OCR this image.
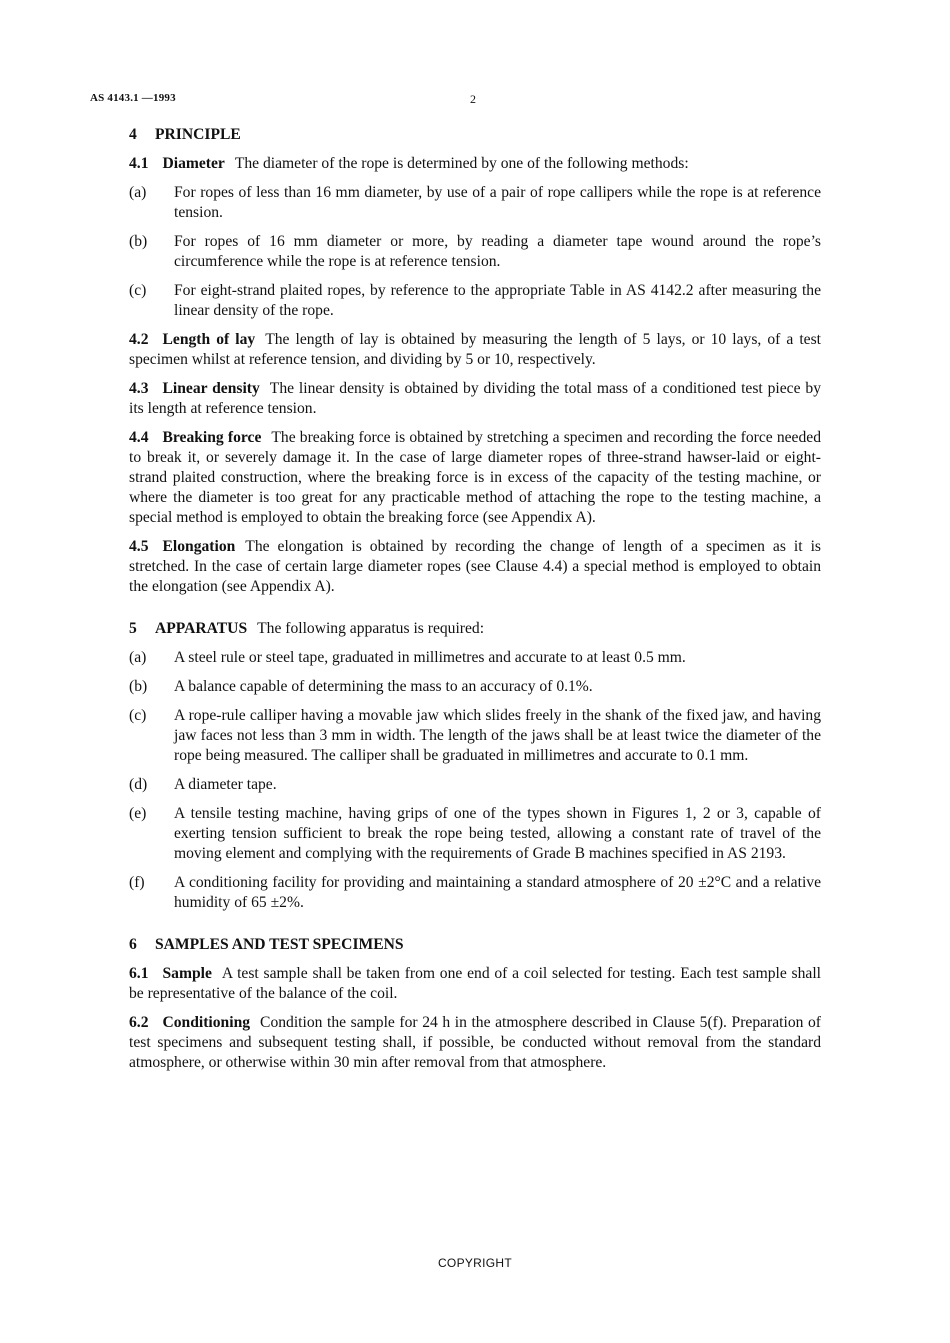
AS 4143.1 —1993	2
4 PRINCIPLE

4.1 Diameter The diameter of the rope is determined by one of the following methods:

(a) For ropes of less than 16 mm diameter, by use of a pair of rope callipers while the rope is at reference tension.
(b) For ropes of 16 mm diameter or more, by reading a diameter tape wound around the rope’s circumference while the rope is at reference tension.
(c) For eight-strand plaited ropes, by reference to the appropriate Table in AS 4142.2 after measuring the linear density of the rope.

4.2 Length of lay The length of lay is obtained by measuring the length of 5 lays, or 10 lays, of a test specimen whilst at reference tension, and dividing by 5 or 10, respectively.

4.3 Linear density The linear density is obtained by dividing the total mass of a conditioned test piece by its length at reference tension.

4.4 Breaking force The breaking force is obtained by stretching a specimen and recording the force needed to break it, or severely damage it. In the case of large diameter ropes of three-strand hawser-laid or eight-strand plaited construction, where the breaking force is in excess of the capacity of the testing machine, or where the diameter is too great for any practicable method of attaching the rope to the testing machine, a special method is employed to obtain the breaking force (see Appendix A).

4.5 Elongation The elongation is obtained by recording the change of length of a specimen as it is stretched. In the case of certain large diameter ropes (see Clause 4.4) a special method is employed to obtain the elongation (see Appendix A).

5 APPARATUS The following apparatus is required:
(a) A steel rule or steel tape, graduated in millimetres and accurate to at least 0.5 mm.
(b) A balance capable of determining the mass to an accuracy of 0.1%.
(c) A rope-rule calliper having a movable jaw which slides freely in the shank of the fixed jaw, and having jaw faces not less than 3 mm in width. The length of the jaws shall be at least twice the diameter of the rope being measured. The calliper shall be graduated in millimetres and accurate to 0.1 mm.
(d) A diameter tape.
(e) A tensile testing machine, having grips of one of the types shown in Figures 1, 2 or 3, capable of exerting tension sufficient to break the rope being tested, allowing a constant rate of travel of the moving element and complying with the requirements of Grade B machines specified in AS 2193.
(f) A conditioning facility for providing and maintaining a standard atmosphere of 20 ±2°C and a relative humidity of 65 ±2%.
6 SAMPLES AND TEST SPECIMENS

6.1 Sample A test sample shall be taken from one end of a coil selected for testing. Each test sample shall be representative of the balance of the coil.

6.2 Conditioning Condition the sample for 24 h in the atmosphere described in Clause 5(f). Preparation of test specimens and subsequent testing shall, if possible, be conducted without removal from the standard atmosphere, or otherwise within 30 min after removal from that atmosphere.

COPYRIGHT
